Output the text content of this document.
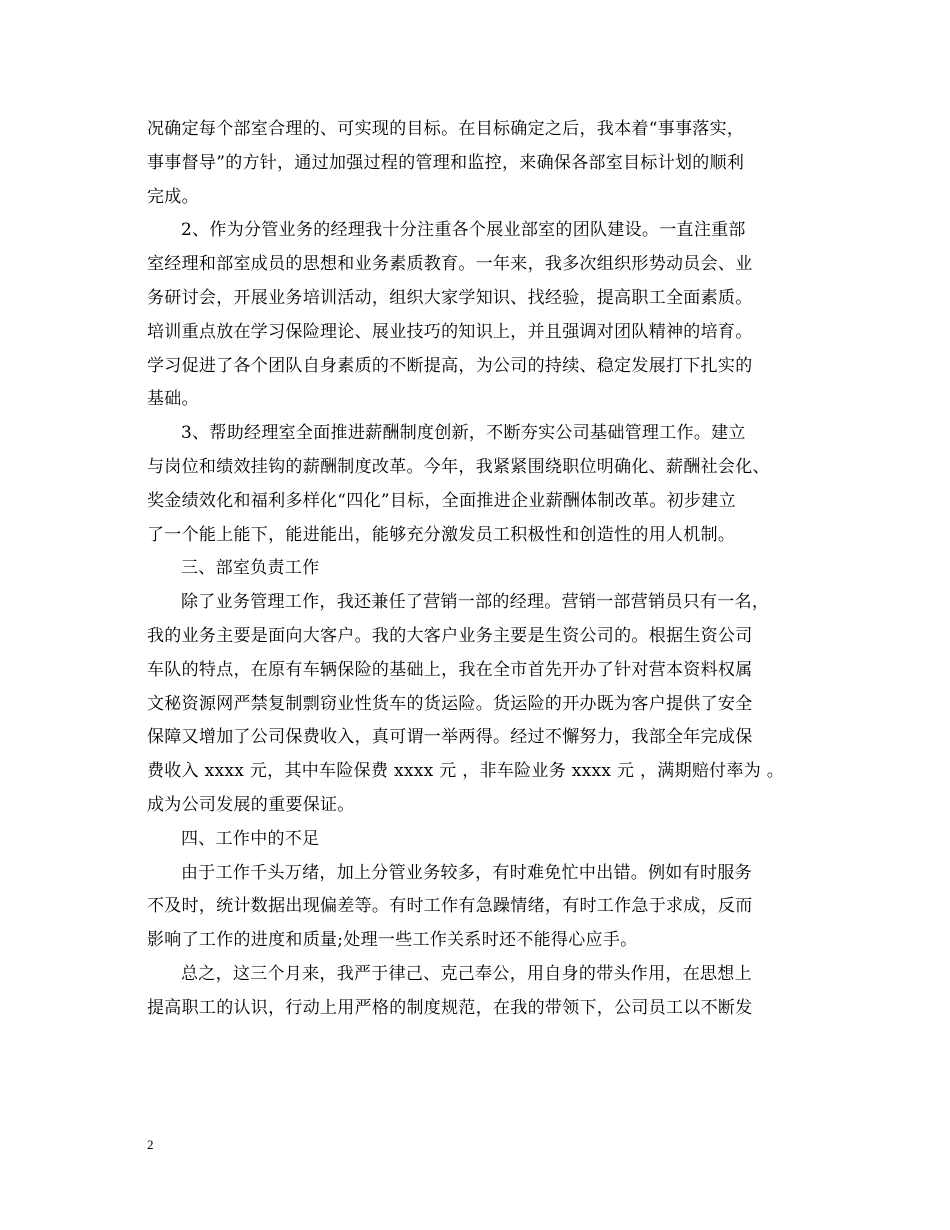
况确定每个部室合理的、可实现的目标。在目标确定之后，我本着“事事落实，
事事督导”的方针，通过加强过程的管理和监控，来确保各部室目标计划的顺利
完成。
2、作为分管业务的经理我十分注重各个展业部室的团队建设。一直注重部
室经理和部室成员的思想和业务素质教育。一年来，我多次组织形势动员会、业
务研讨会，开展业务培训活动，组织大家学知识、找经验，提高职工全面素质。
培训重点放在学习保险理论、展业技巧的知识上，并且强调对团队精神的培育。
学习促进了各个团队自身素质的不断提高，为公司的持续、稳定发展打下扎实的
基础。
3、帮助经理室全面推进薪酬制度创新，不断夯实公司基础管理工作。建立
与岗位和绩效挂钩的薪酬制度改革。今年，我紧紧围绕职位明确化、薪酬社会化、
奖金绩效化和福利多样化“四化”目标，全面推进企业薪酬体制改革。初步建立
了一个能上能下，能进能出，能够充分激发员工积极性和创造性的用人机制。
三、部室负责工作
除了业务管理工作，我还兼任了营销一部的经理。营销一部营销员只有一名，
我的业务主要是面向大客户。我的大客户业务主要是生资公司的。根据生资公司
车队的特点，在原有车辆保险的基础上，我在全市首先开办了针对营本资料权属
文秘资源网严禁复制剽窃业性货车的货运险。货运险的开办既为客户提供了安全
保障又增加了公司保费收入，真可谓一举两得。经过不懈努力，我部全年完成保
费收入 xxxx 元，其中车险保费 xxxx 元 ，非车险业务 xxxx 元 ，满期赔付率为 。
成为公司发展的重要保证。
四、工作中的不足
由于工作千头万绪，加上分管业务较多，有时难免忙中出错。例如有时服务
不及时，统计数据出现偏差等。有时工作有急躁情绪，有时工作急于求成，反而
影响了工作的进度和质量;处理一些工作关系时还不能得心应手。
总之，这三个月来，我严于律己、克己奉公，用自身的带头作用，在思想上
提高职工的认识，行动上用严格的制度规范，在我的带领下，公司员工以不断发
2
